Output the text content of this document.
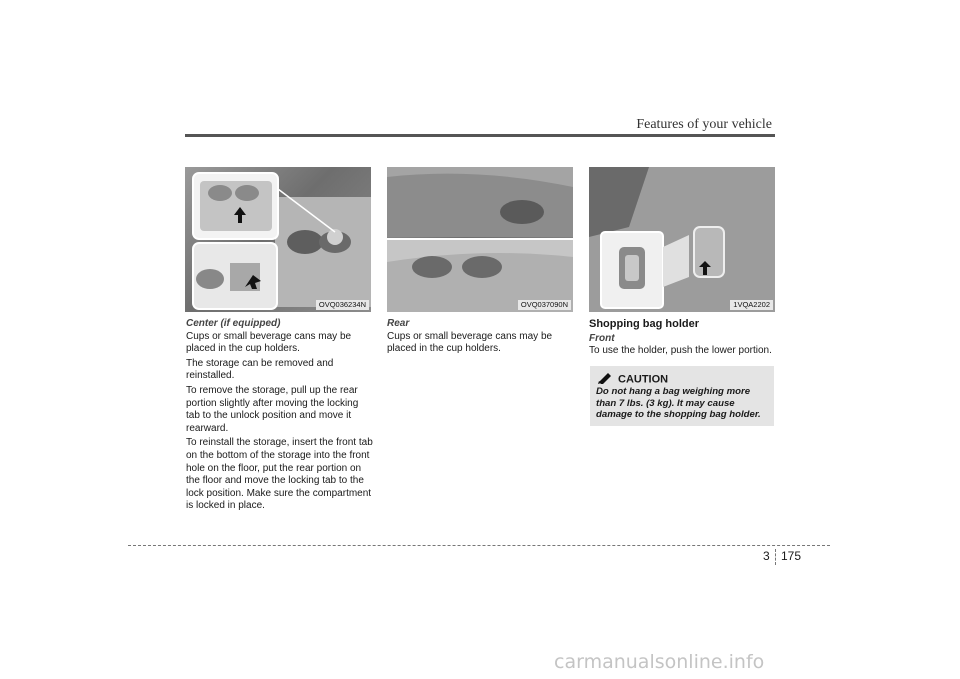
Features of your vehicle
OVQ036234N	OVQ037090N	1VQA2202
Center (if equipped)

Cups or small beverage cans may be placed in the cup holders.

The storage can be removed and reinstalled.

To remove the storage, pull up the rear portion slightly after moving the locking tab to the unlock position and move it rearward.

To reinstall the storage, insert the front tab on the bottom of the storage into the front hole on the floor, put the rear portion on the floor and move the locking tab to the lock position. Make sure the compartment is locked in place.

Rear

Cups or small beverage cans may be placed in the cup holders.

Shopping bag holder
Front

To use the holder, push the lower portion.

CAUTION
Do not hang a bag weighing more than 7 lbs. (3 kg). It may cause damage to the shopping bag holder.
3 175
carmanualsonline.info
